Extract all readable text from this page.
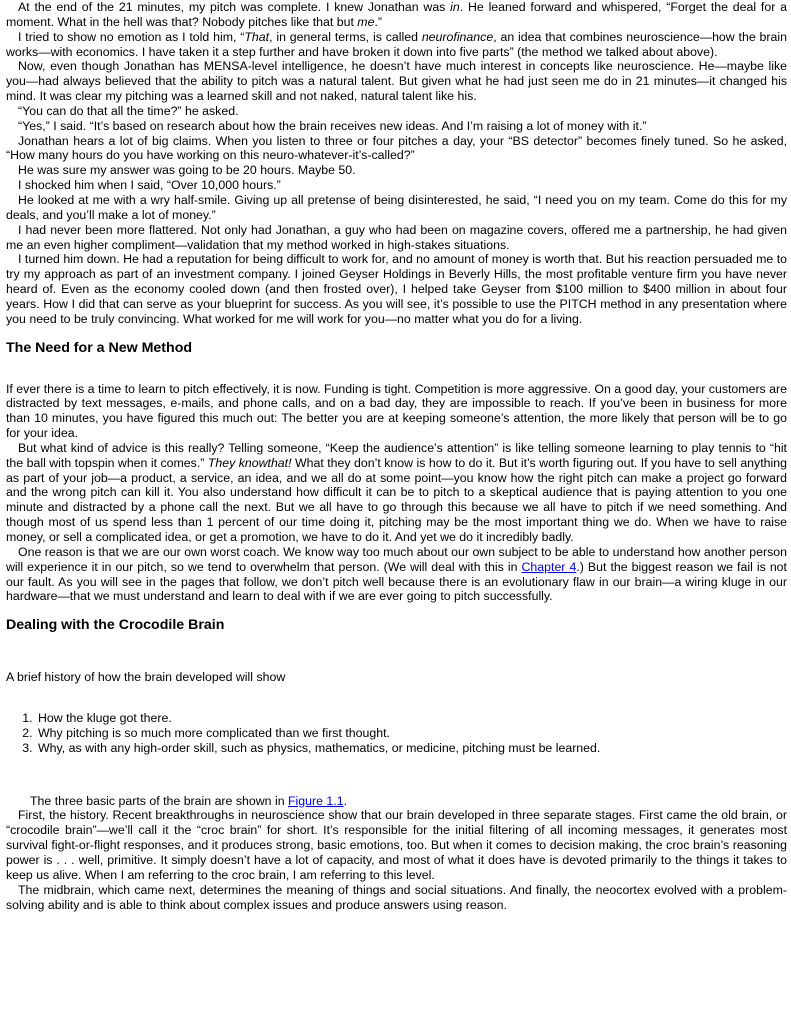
At the end of the 21 minutes, my pitch was complete. I knew Jonathan was in. He leaned forward and whispered, “Forget the deal for a moment. What in the hell was that? Nobody pitches like that but me.”

I tried to show no emotion as I told him, “That, in general terms, is called neurofinance, an idea that combines neuroscience—how the brain works—with economics. I have taken it a step further and have broken it down into five parts” (the method we talked about above).

Now, even though Jonathan has MENSA-level intelligence, he doesn’t have much interest in concepts like neuroscience. He—maybe like you—had always believed that the ability to pitch was a natural talent. But given what he had just seen me do in 21 minutes—it changed his mind. It was clear my pitching was a learned skill and not naked, natural talent like his.

“You can do that all the time?” he asked.

“Yes,” I said. “It’s based on research about how the brain receives new ideas. And I’m raising a lot of money with it.”

Jonathan hears a lot of big claims. When you listen to three or four pitches a day, your “BS detector” becomes finely tuned. So he asked, “How many hours do you have working on this neuro-whatever-it’s-called?”

He was sure my answer was going to be 20 hours. Maybe 50.

I shocked him when I said, “Over 10,000 hours.”

He looked at me with a wry half-smile. Giving up all pretense of being disinterested, he said, “I need you on my team. Come do this for my deals, and you’ll make a lot of money.”

I had never been more flattered. Not only had Jonathan, a guy who had been on magazine covers, offered me a partnership, he had given me an even higher compliment—validation that my method worked in high-stakes situations.

I turned him down. He had a reputation for being difficult to work for, and no amount of money is worth that. But his reaction persuaded me to try my approach as part of an investment company. I joined Geyser Holdings in Beverly Hills, the most profitable venture firm you have never heard of. Even as the economy cooled down (and then frosted over), I helped take Geyser from $100 million to $400 million in about four years. How I did that can serve as your blueprint for success. As you will see, it’s possible to use the PITCH method in any presentation where you need to be truly convincing. What worked for me will work for you—no matter what you do for a living.

The Need for a New Method

If ever there is a time to learn to pitch effectively, it is now. Funding is tight. Competition is more aggressive. On a good day, your customers are distracted by text messages, e-mails, and phone calls, and on a bad day, they are impossible to reach. If you’ve been in business for more than 10 minutes, you have figured this much out: The better you are at keeping someone’s attention, the more likely that person will be to go for your idea.

But what kind of advice is this really? Telling someone, “Keep the audience’s attention” is like telling someone learning to play tennis to “hit the ball with topspin when it comes.” They knowthat! What they don’t know is how to do it. But it’s worth figuring out. If you have to sell anything as part of your job—a product, a service, an idea, and we all do at some point—you know how the right pitch can make a project go forward and the wrong pitch can kill it. You also understand how difficult it can be to pitch to a skeptical audience that is paying attention to you one minute and distracted by a phone call the next. But we all have to go through this because we all have to pitch if we need something. And though most of us spend less than 1 percent of our time doing it, pitching may be the most important thing we do. When we have to raise money, or sell a complicated idea, or get a promotion, we have to do it. And yet we do it incredibly badly.

One reason is that we are our own worst coach. We know way too much about our own subject to be able to understand how another person will experience it in our pitch, so we tend to overwhelm that person. (We will deal with this in Chapter 4.) But the biggest reason we fail is not our fault. As you will see in the pages that follow, we don’t pitch well because there is an evolutionary flaw in our brain—a wiring kluge in our hardware—that we must understand and learn to deal with if we are ever going to pitch successfully.

Dealing with the Crocodile Brain

A brief history of how the brain developed will show

1. How the kluge got there.
2. Why pitching is so much more complicated than we first thought.
3. Why, as with any high-order skill, such as physics, mathematics, or medicine, pitching must be learned.

The three basic parts of the brain are shown in Figure 1.1.

First, the history. Recent breakthroughs in neuroscience show that our brain developed in three separate stages. First came the old brain, or “crocodile brain”—we’ll call it the “croc brain” for short. It’s responsible for the initial filtering of all incoming messages, it generates most survival fight-or-flight responses, and it produces strong, basic emotions, too. But when it comes to decision making, the croc brain’s reasoning power is . . . well, primitive. It simply doesn’t have a lot of capacity, and most of what it does have is devoted primarily to the things it takes to keep us alive. When I am referring to the croc brain, I am referring to this level.

The midbrain, which came next, determines the meaning of things and social situations. And finally, the neocortex evolved with a problem-solving ability and is able to think about complex issues and produce answers using reason.
